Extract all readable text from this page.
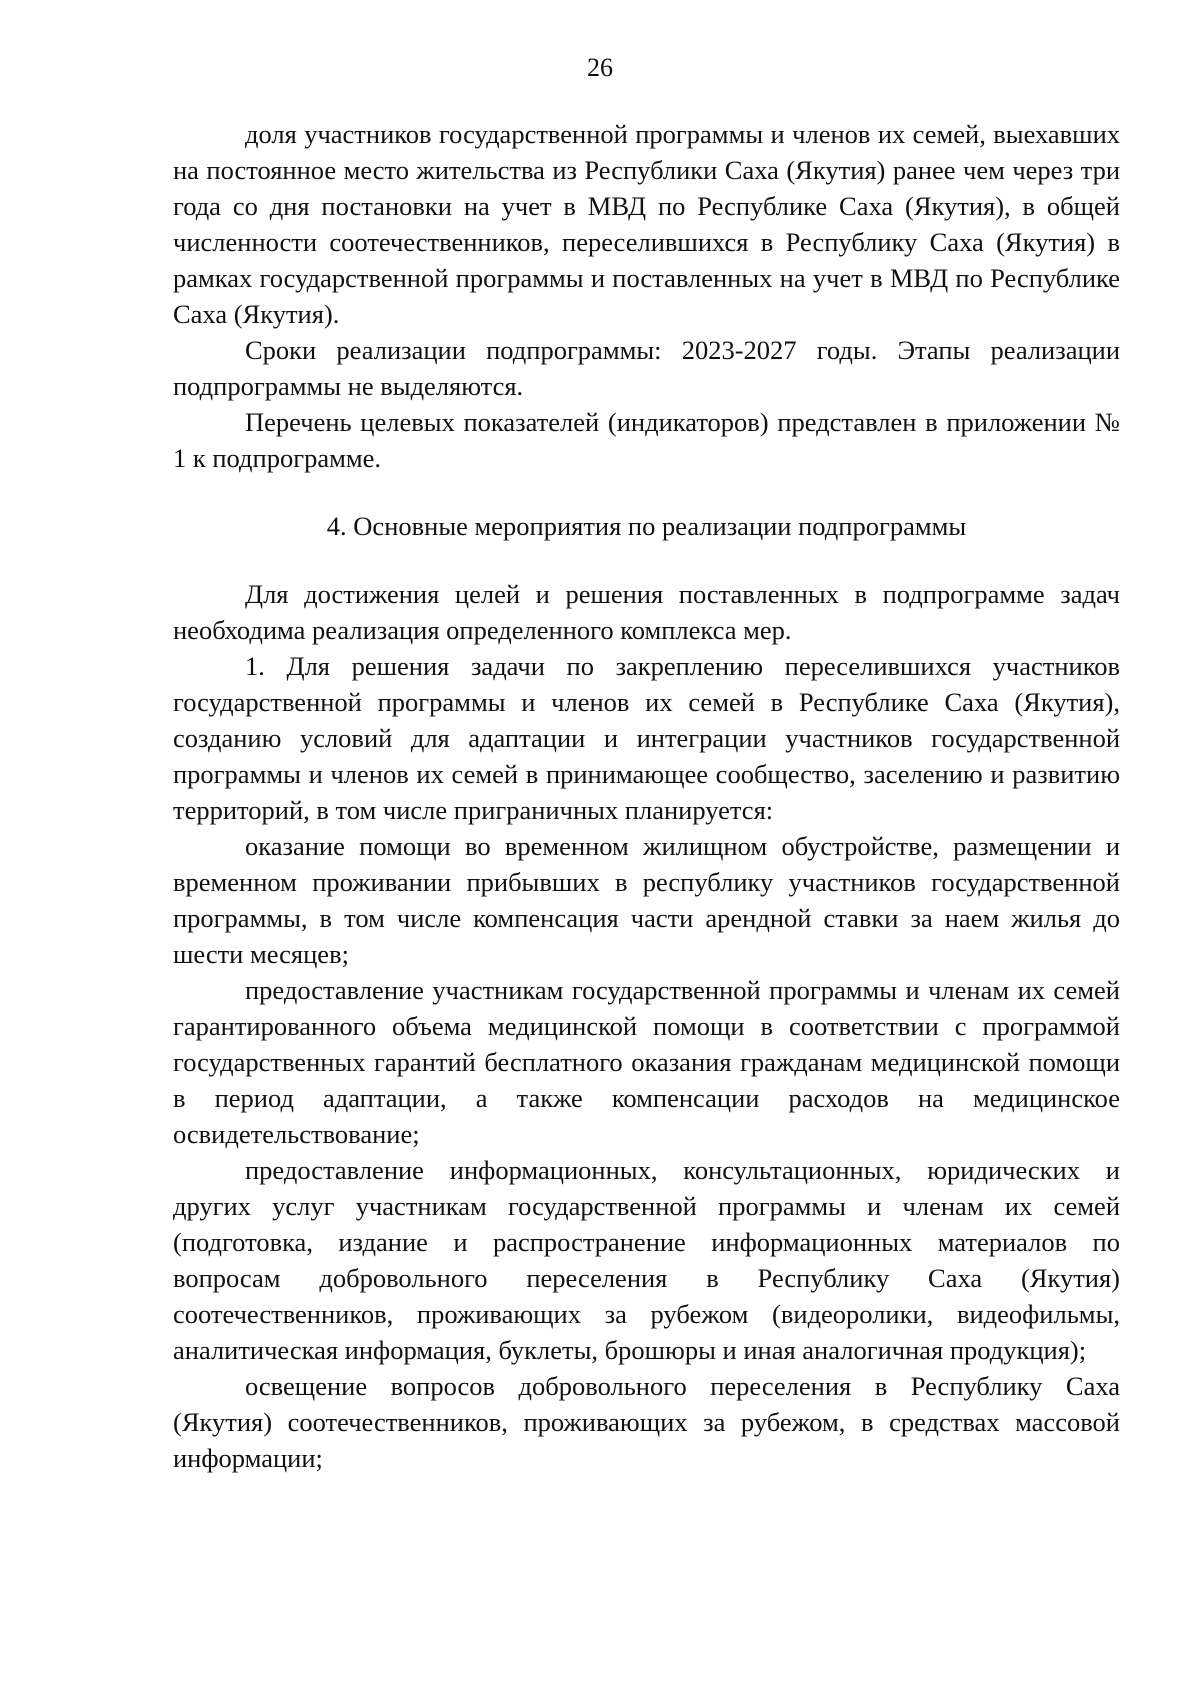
26

доля участников государственной программы и членов их семей, выехавших на постоянное место жительства из Республики Саха (Якутия) ранее чем через три года со дня постановки на учет в МВД по Республике Саха (Якутия), в общей численности соотечественников, переселившихся в Республику Саха (Якутия) в рамках государственной программы и поставленных на учет в МВД по Республике Саха (Якутия).

Сроки реализации подпрограммы: 2023-2027 годы. Этапы реализации подпрограммы не выделяются.

Перечень целевых показателей (индикаторов) представлен в приложении № 1 к подпрограмме.

4. Основные мероприятия по реализации подпрограммы

Для достижения целей и решения поставленных в подпрограмме задач необходима реализация определенного комплекса мер.

1. Для решения задачи по закреплению переселившихся участников государственной программы и членов их семей в Республике Саха (Якутия), созданию условий для адаптации и интеграции участников государственной программы и членов их семей в принимающее сообщество, заселению и развитию территорий, в том числе приграничных планируется:

оказание помощи во временном жилищном обустройстве, размещении и временном проживании прибывших в республику участников государственной программы, в том числе компенсация части арендной ставки за наем жилья до шести месяцев;

предоставление участникам государственной программы и членам их семей гарантированного объема медицинской помощи в соответствии с программой государственных гарантий бесплатного оказания гражданам медицинской помощи в период адаптации, а также компенсации расходов на медицинское освидетельствование;

предоставление информационных, консультационных, юридических и других услуг участникам государственной программы и членам их семей (подготовка, издание и распространение информационных материалов по вопросам добровольного переселения в Республику Саха (Якутия) соотечественников, проживающих за рубежом (видеоролики, видеофильмы, аналитическая информация, буклеты, брошюры и иная аналогичная продукция);

освещение вопросов добровольного переселения в Республику Саха (Якутия) соотечественников, проживающих за рубежом, в средствах массовой информации;
